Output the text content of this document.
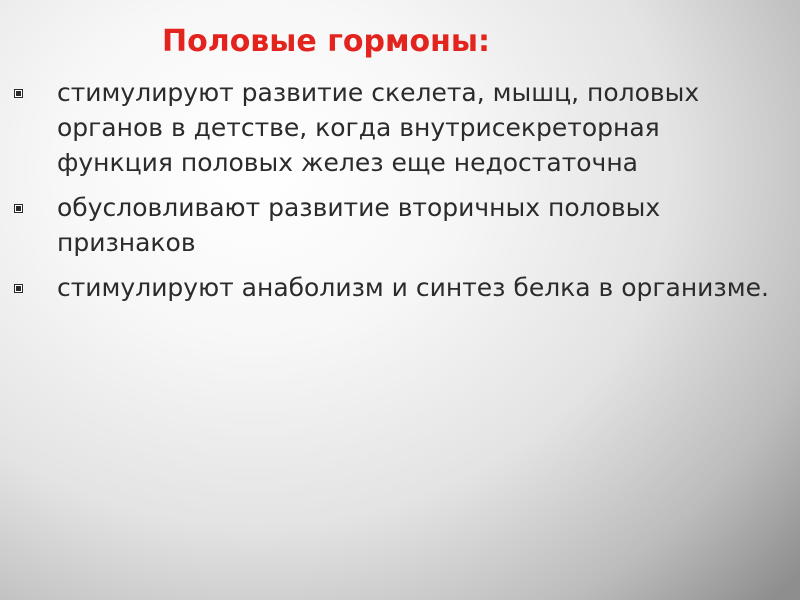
Половые гормоны:
стимулируют развитие скелета, мышц, половых органов в детстве, когда внутрисекреторная функция половых желез еще недостаточна
обусловливают развитие вторичных половых признаков
стимулируют анаболизм и синтез белка в организме.
